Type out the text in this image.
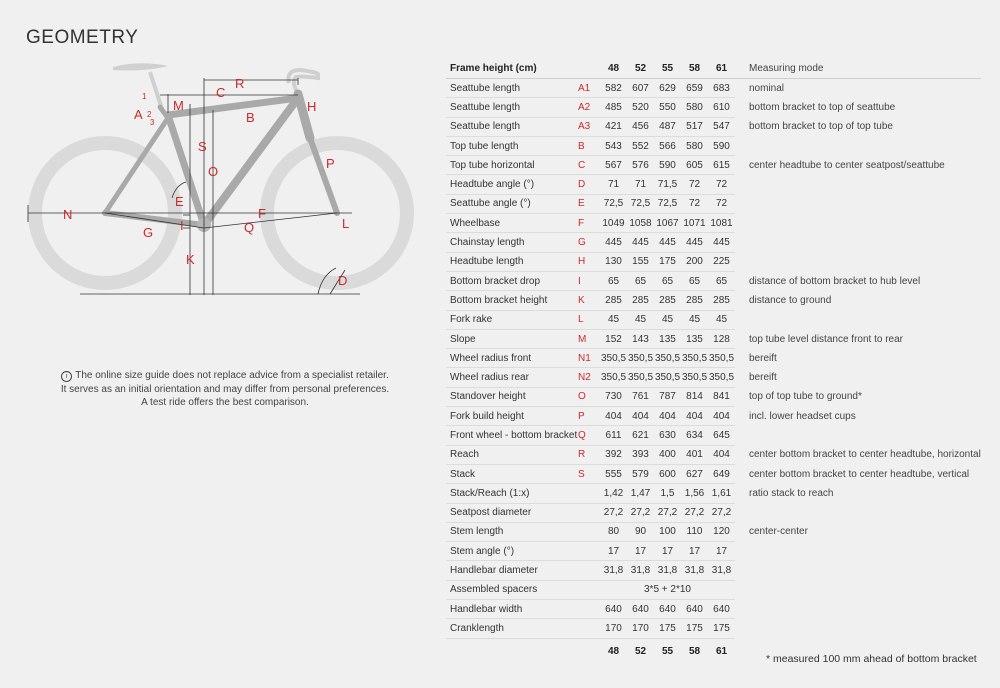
GEOMETRY
A
1
2
3
M
C
R
H
B
S
O
P
E
N	F
G I	Q	L
K
D
i The online size guide does not replace advice from a specialist retailer. It serves as an initial orientation and may differ from personal preferences. A test ride offers the best comparison.
Frame height (cm)		48	52	55	58	61	Measuring mode
Seattube length	A1	582	607	629	659	683	nominal
Seattube length	A2	485	520	550	580	610	bottom bracket to top of seattube
Seattube length	A3	421	456	487	517	547	bottom bracket to top of top tube
Top tube length	B	543	552	566	580	590	
Top tube horizontal	C	567	576	590	605	615	center headtube to center seatpost/seattube
Headtube angle (°)	D	71	71	71,5	72	72	
Seattube angle (°)	E	72,5	72,5	72,5	72	72	
Wheelbase	F	1049	1058	1067	1071	1081	
Chainstay length	G	445	445	445	445	445	
Headtube length	H	130	155	175	200	225	
Bottom bracket drop	I	65	65	65	65	65	distance of bottom bracket to hub level
Bottom bracket height	K	285	285	285	285	285	distance to ground
Fork rake	L	45	45	45	45	45	
Slope	M	152	143	135	135	128	top tube level distance front to rear
Wheel radius front	N1	350,5	350,5	350,5	350,5	350,5	bereift
Wheel radius rear	N2	350,5	350,5	350,5	350,5	350,5	bereift
Standover height	O	730	761	787	814	841	top of top tube to ground*
Fork build height	P	404	404	404	404	404	incl. lower headset cups
Front wheel - bottom bracket	Q	611	621	630	634	645	
Reach	R	392	393	400	401	404	center bottom bracket to center headtube, horizontal
Stack	S	555	579	600	627	649	center bottom bracket to center headtube, vertical
Stack/Reach (1:x)		1,42	1,47	1,5	1,56	1,61	ratio stack to reach
Seatpost diameter		27,2	27,2	27,2	27,2	27,2	
Stem length		80	90	100	110	120	center-center
Stem angle (°)		17	17	17	17	17	
Handlebar diameter		31,8	31,8	31,8	31,8	31,8	
Assembled spacers		3*5 + 2*10					
Handlebar width		640	640	640	640	640	
Cranklength		170	170	175	175	175	
		48	52	55	58	61	
* measured 100 mm ahead of bottom bracket
